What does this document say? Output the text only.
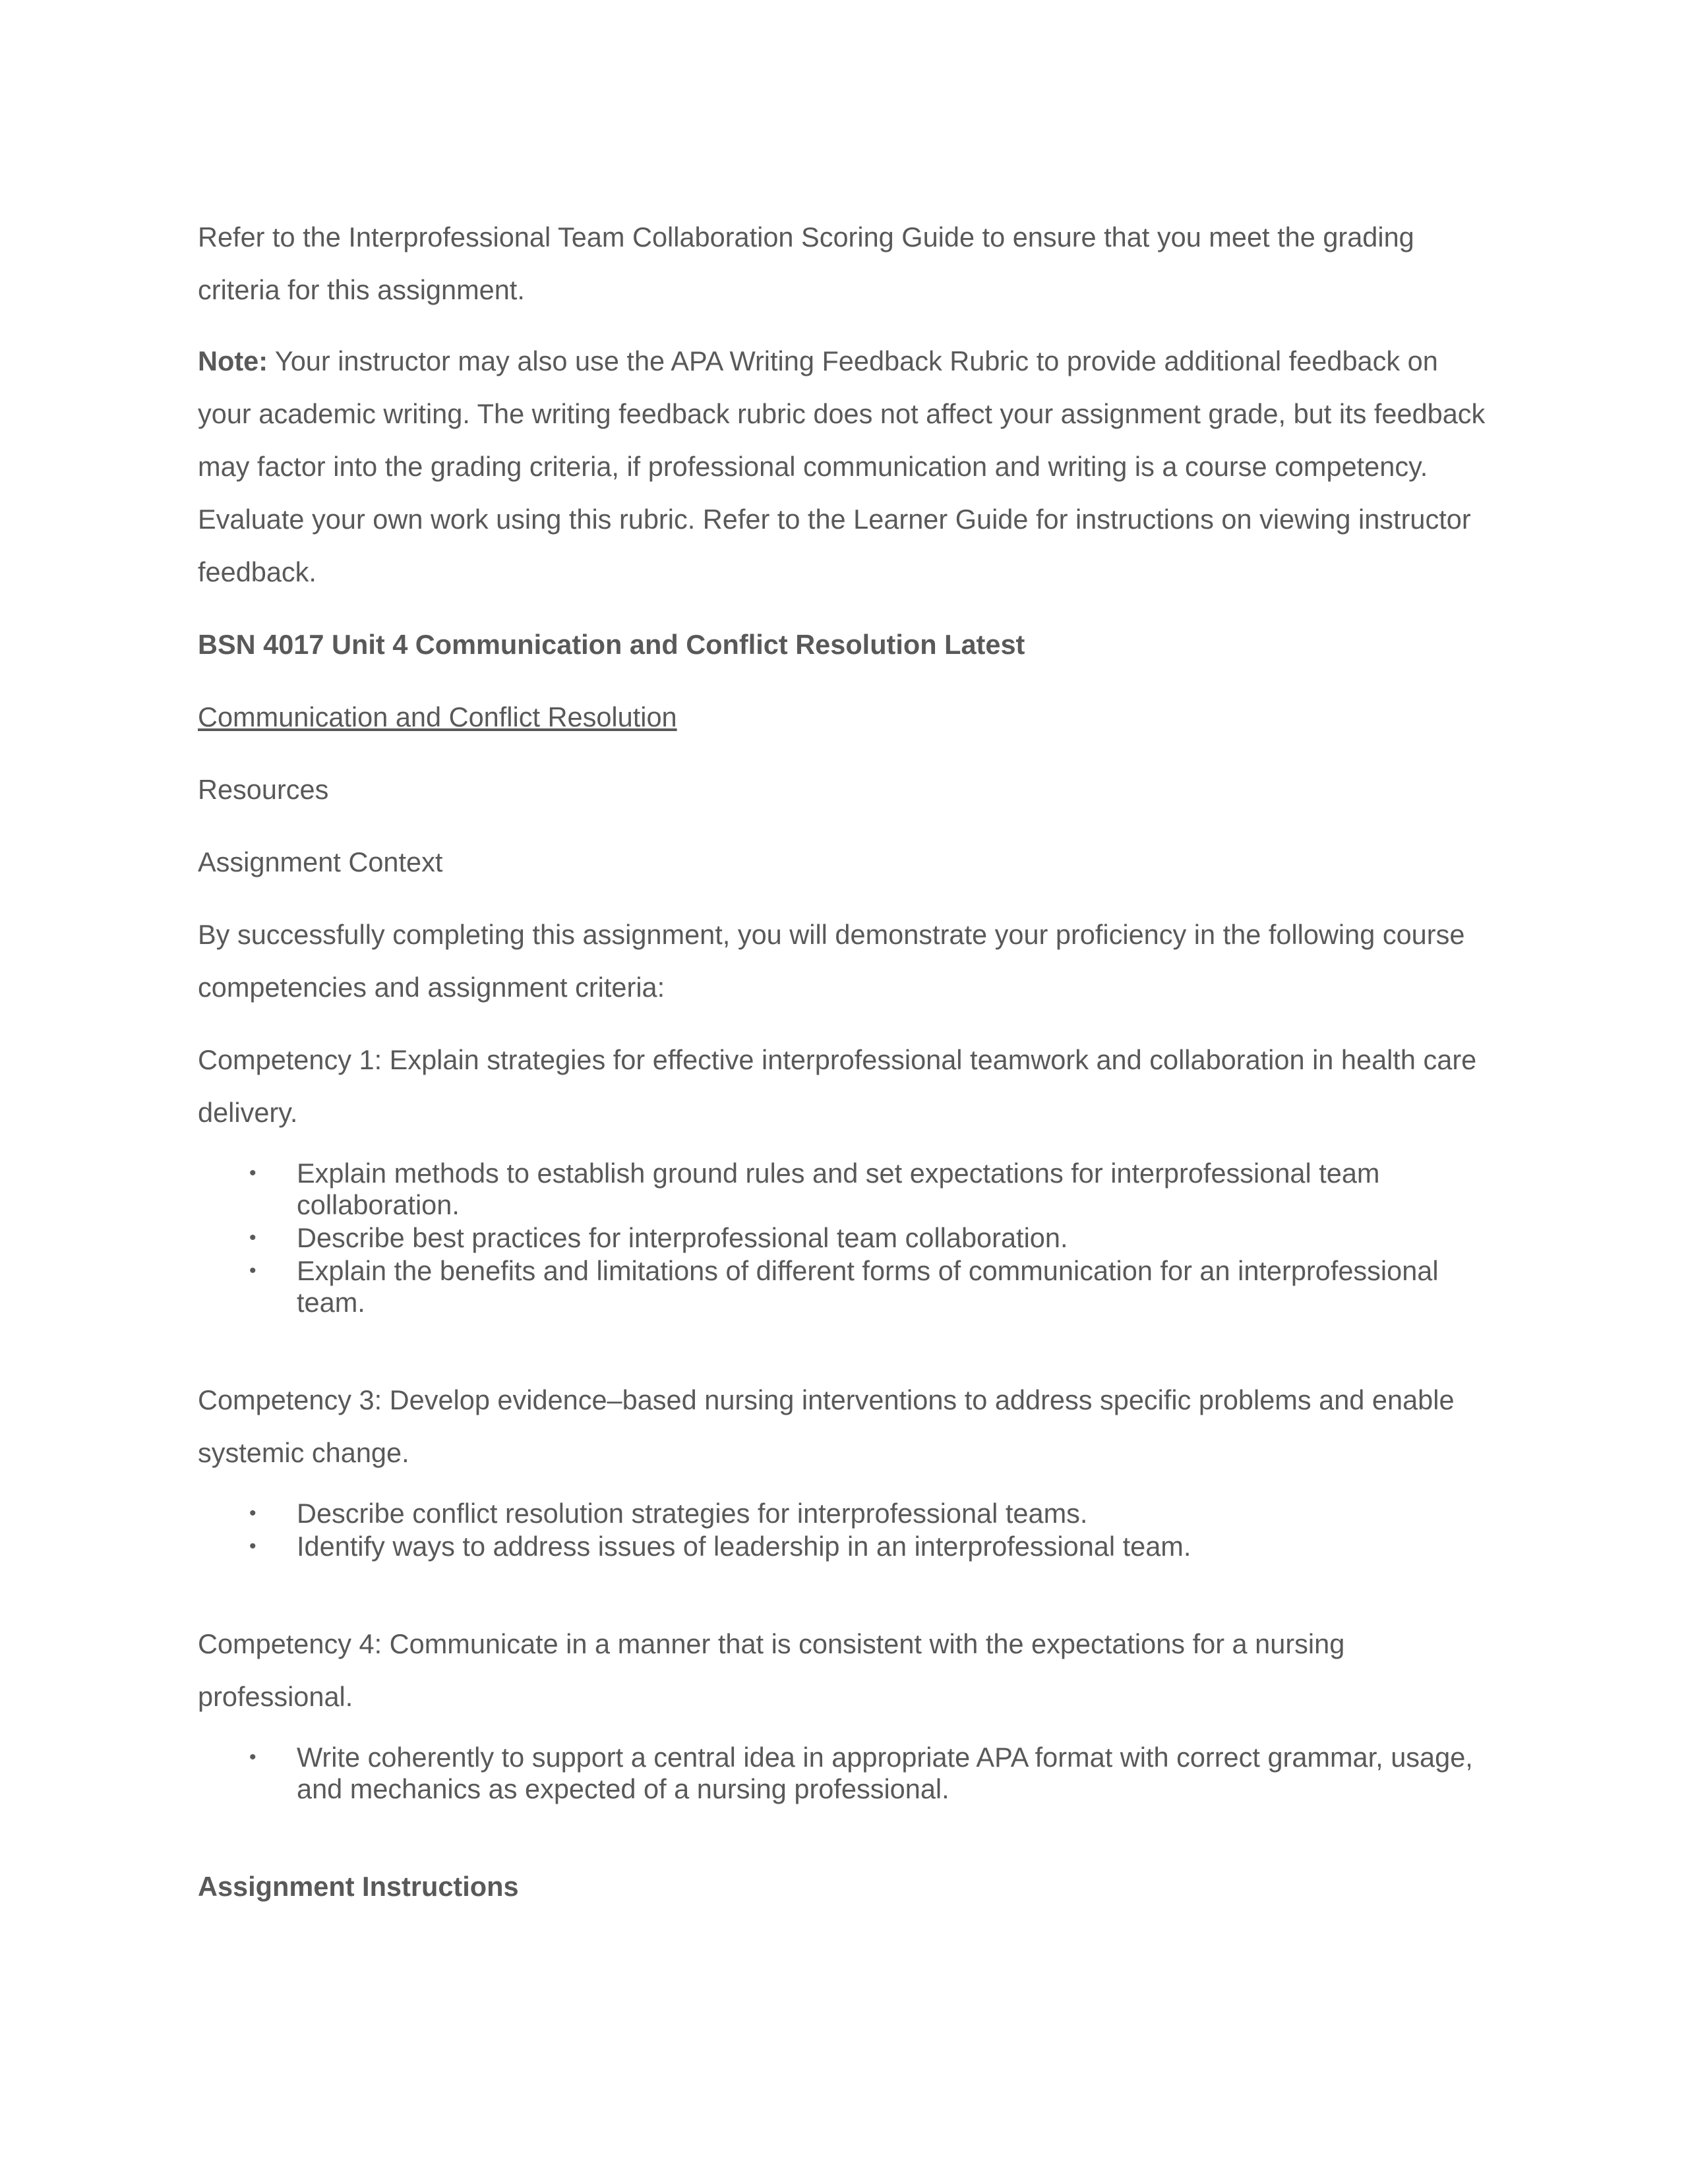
Refer to the Interprofessional Team Collaboration Scoring Guide to ensure that you meet the grading criteria for this assignment.

Note: Your instructor may also use the APA Writing Feedback Rubric to provide additional feedback on your academic writing. The writing feedback rubric does not affect your assignment grade, but its feedback may factor into the grading criteria, if professional communication and writing is a course competency. Evaluate your own work using this rubric. Refer to the Learner Guide for instructions on viewing instructor feedback.

BSN 4017 Unit 4 Communication and Conflict Resolution Latest

Communication and Conflict Resolution

Resources

Assignment Context

By successfully completing this assignment, you will demonstrate your proficiency in the following course competencies and assignment criteria:

Competency 1: Explain strategies for effective interprofessional teamwork and collaboration in health care delivery.

• Explain methods to establish ground rules and set expectations for interprofessional team collaboration.
• Describe best practices for interprofessional team collaboration.
• Explain the benefits and limitations of different forms of communication for an interprofessional team.

Competency 3: Develop evidence–based nursing interventions to address specific problems and enable systemic change.

• Describe conflict resolution strategies for interprofessional teams.
• Identify ways to address issues of leadership in an interprofessional team.

Competency 4: Communicate in a manner that is consistent with the expectations for a nursing professional.

• Write coherently to support a central idea in appropriate APA format with correct grammar, usage, and mechanics as expected of a nursing professional.

Assignment Instructions
